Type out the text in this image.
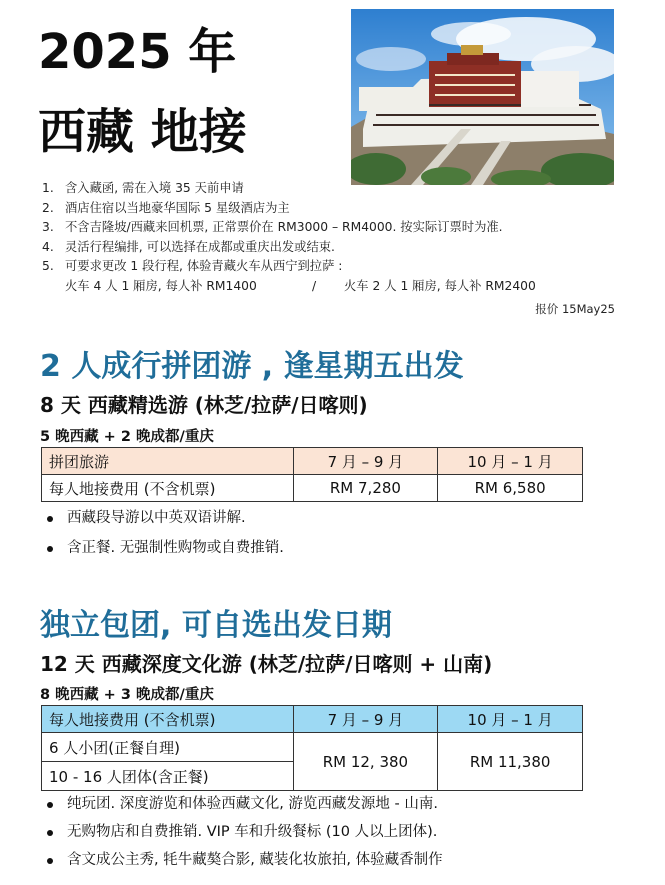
2025 年
西藏 地接
1. 含入藏函, 需在入境 35 天前申请
2. 酒店住宿以当地豪华国际 5 星级酒店为主
3. 不含吉隆坡/西藏来回机票, 正常票价在 RM3000 – RM4000. 按实际订票时为准.
4. 灵活行程编排, 可以选择在成都或重庆出发或结束.
5. 可要求更改 1 段行程, 体验青藏火车从西宁到拉萨 :
火车 4 人 1 厢房, 每人补 RM1400	/ 火车 2 人 1 厢房, 每人补 RM2400
报价 15May25
2 人成行拼团游 , 逢星期五出发
8 天 西藏精选游 (林芝/拉萨/日喀则)
5 晚西藏 + 2 晚成都/重庆
拼团旅游	7 月 – 9 月	10 月 – 1 月
每人地接费用 (不含机票)	RM 7,280	RM 6,580
西藏段导游以中英双语讲解.
含正餐. 无强制性购物或自费推销.
独立包团, 可自选出发日期
12 天 西藏深度文化游 (林芝/拉萨/日喀则 + 山南)
8 晚西藏 + 3 晚成都/重庆
每人地接费用 (不含机票)	7 月 – 9 月	10 月 – 1 月
6 人小团(正餐自理)	RM 12, 380	RM 11,380
10 - 16 人团体(含正餐)		
纯玩团. 深度游览和体验西藏文化, 游览西藏发源地 - 山南.
无购物店和自费推销. VIP 车和升级餐标 (10 人以上团体).
含文成公主秀, 牦牛藏獒合影, 藏装化妆旅拍, 体验藏香制作
